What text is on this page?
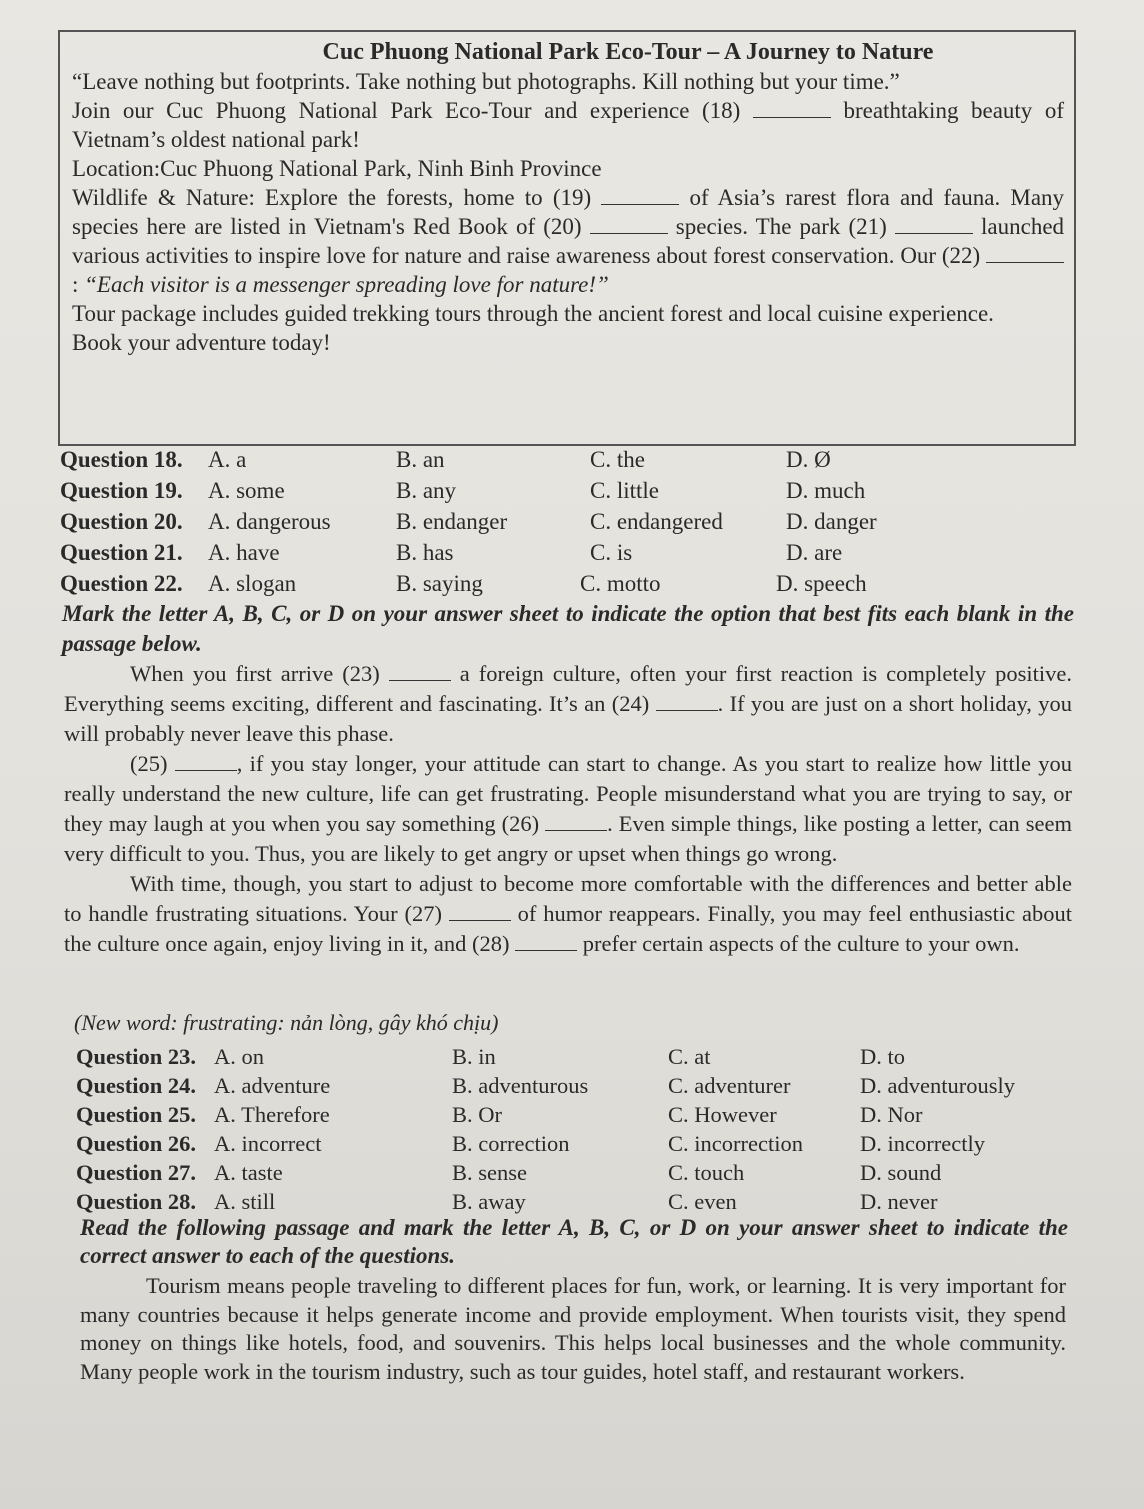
Cuc Phuong National Park Eco-Tour – A Journey to Nature
“Leave nothing but footprints. Take nothing but photographs. Kill nothing but your time.”
Join our Cuc Phuong National Park Eco-Tour and experience (18)	breathtaking beauty of Vietnam’s oldest national park!
Location:Cuc Phuong National Park, Ninh Binh Province
Wildlife & Nature: Explore the forests, home to (19)	of Asia’s rarest flora and fauna. Many species here are listed in Vietnam's Red Book of (20)	species. The park (21)	launched various activities to inspire love for nature and raise awareness about forest conservation. Our (22) : “Each visitor is a messenger spreading love for nature!”
Tour package includes guided trekking tours through the ancient forest and local cuisine experience.
Book your adventure today!
Question 18. A. a	B. an	C. the	D. Ø
Question 19. A. some	B. any	C. little	D. much
Question 20. A. dangerous	B. endanger	C. endangered	D. danger
Question 21. A. have	B. has	C. is	D. are
Question 22. A. slogan	B. saying	C. motto	D. speech
Mark the letter A, B, C, or D on your answer sheet to indicate the option that best fits each blank in the passage below.
When you first arrive (23)	a foreign culture, often your first reaction is completely positive. Everything seems exciting, different and fascinating. It’s an (24)	. If you are just on a short holiday, you will probably never leave this phase.
(25)	, if you stay longer, your attitude can start to change. As you start to realize how little you really understand the new culture, life can get frustrating. People misunderstand what you are trying to say, or they may laugh at you when you say something (26)	. Even simple things, like posting a letter, can seem very difficult to you. Thus, you are likely to get angry or upset when things go wrong.
With time, though, you start to adjust to become more comfortable with the differences and better able to handle frustrating situations. Your (27)	of humor reappears. Finally, you may feel enthusiastic about the culture once again, enjoy living in it, and (28)	prefer certain aspects of the culture to your own.
(New word: frustrating: nản lòng, gây khó chịu)
Question 23. A. on	B. in	C. at	D. to
Question 24. A. adventure	B. adventurous	C. adventurer	D. adventurously
Question 25. A. Therefore	B. Or	C. However	D. Nor
Question 26. A. incorrect	B. correction	C. incorrection	D. incorrectly
Question 27. A. taste	B. sense	C. touch	D. sound
Question 28. A. still	B. away	C. even	D. never
Read the following passage and mark the letter A, B, C, or D on your answer sheet to indicate the correct answer to each of the questions.
Tourism means people traveling to different places for fun, work, or learning. It is very important for many countries because it helps generate income and provide employment. When tourists visit, they spend money on things like hotels, food, and souvenirs. This helps local businesses and the whole community. Many people work in the tourism industry, such as tour guides, hotel staff, and restaurant workers.
